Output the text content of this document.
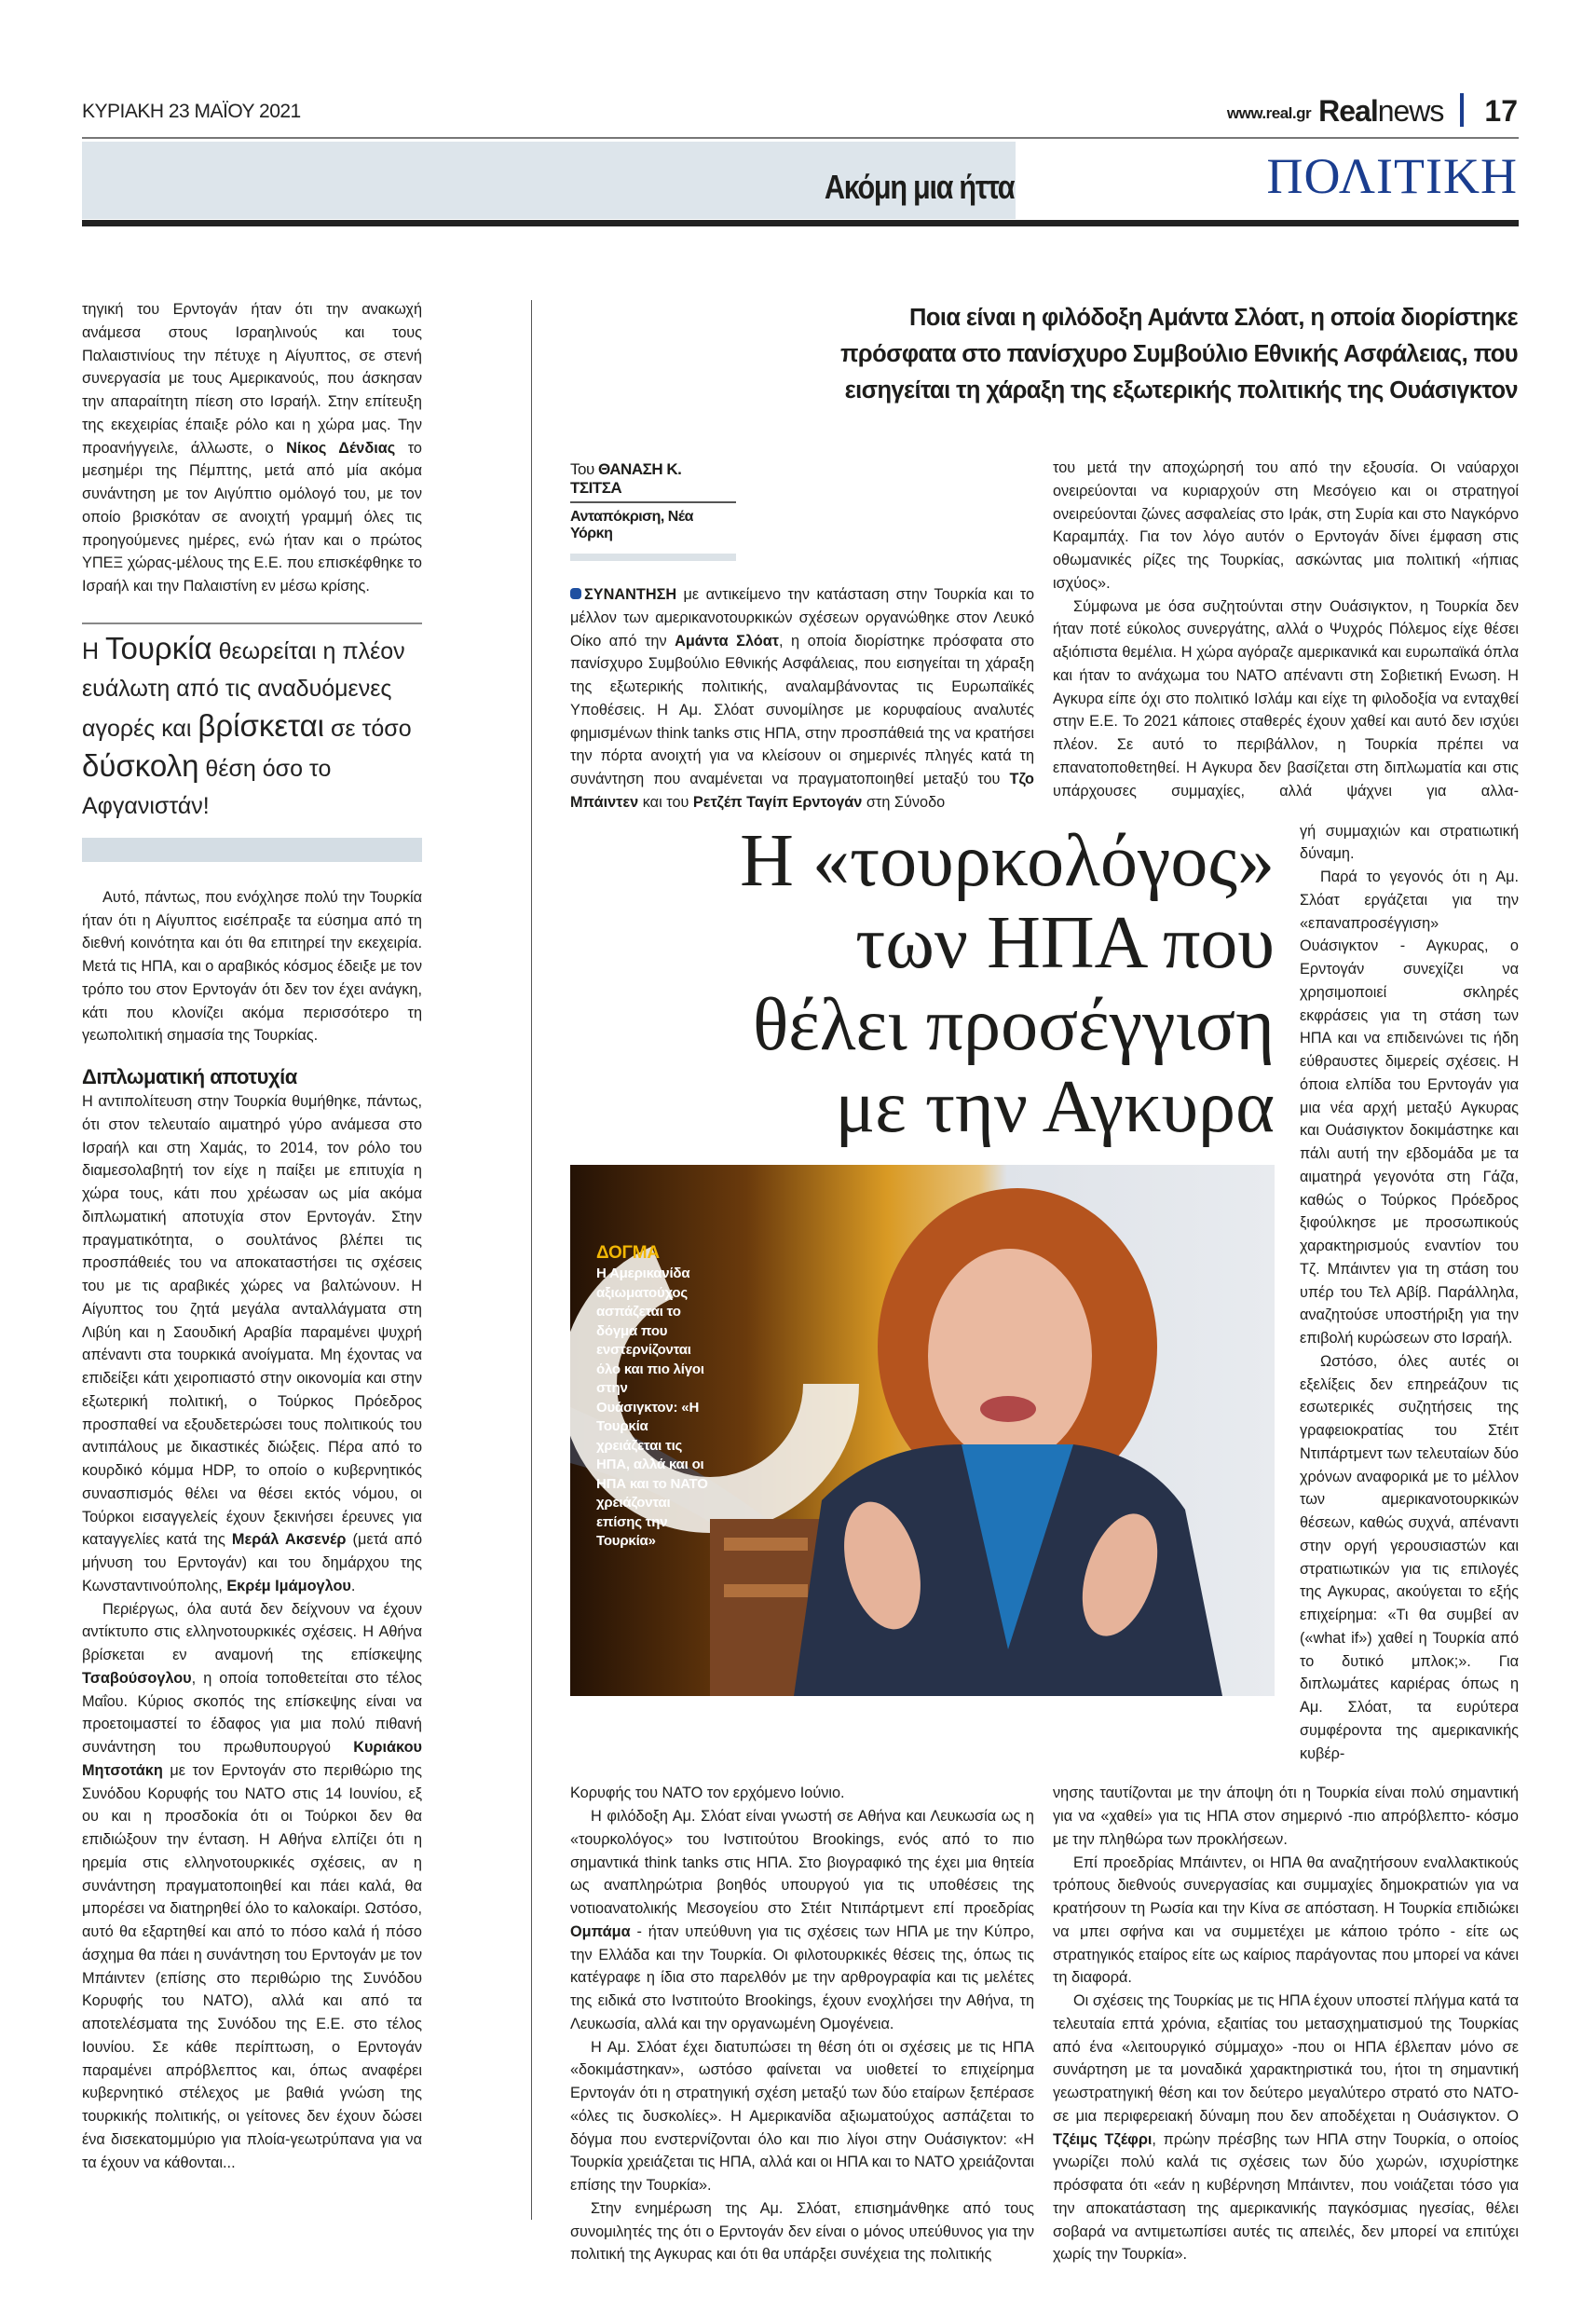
ΚΥΡΙΑΚΗ 23 ΜΑΪΟΥ 2021	www.real.gr Realnews 17
Ακόμη μια ήττα	ΠΟΛΙΤΙΚΗ

τηγική του Ερντογάν ήταν ότι την ανακωχή ανάμεσα στους Ισραηλινούς και τους Παλαιστινίους την πέτυχε η Αίγυπτος, σε στενή συνεργασία με τους Αμερικανούς, που άσκησαν την απαραίτητη πίεση στο Ισραήλ. Στην επίτευξη της εκεχειρίας έπαιξε ρόλο και η χώρα μας. Την προανήγγειλε, άλλωστε, ο Νίκος Δένδιας το μεσημέρι της Πέμπτης, μετά από μία ακόμα συνάντηση με τον Αιγύπτιο ομόλογό του, με τον οποίο βρισκόταν σε ανοιχτή γραμμή όλες τις προηγούμενες ημέρες, ενώ ήταν και ο πρώτος ΥΠΕΞ χώρας-μέλους της Ε.Ε. που επισκέφθηκε το Ισραήλ και την Παλαιστίνη εν μέσω κρίσης.

Η Τουρκία θεωρείται η πλέον ευάλωτη από τις αναδυόμενες αγορές και βρίσκεται σε τόσο δύσκολη θέση όσο το Αφγανιστάν!

Αυτό, πάντως, που ενόχλησε πολύ την Τουρκία ήταν ότι η Αίγυπτος εισέπραξε τα εύσημα από τη διεθνή κοινότητα και ότι θα επιτηρεί την εκεχειρία. Μετά τις ΗΠΑ, και ο αραβικός κόσμος έδειξε με τον τρόπο του στον Ερντογάν ότι δεν τον έχει ανάγκη, κάτι που κλονίζει ακόμα περισσότερο τη γεωπολιτική σημασία της Τουρκίας.

Διπλωματική αποτυχία

Η αντιπολίτευση στην Τουρκία θυμήθηκε, πάντως, ότι στον τελευταίο αιματηρό γύρο ανάμεσα στο Ισραήλ και στη Χαμάς, το 2014, τον ρόλο του διαμεσολαβητή τον είχε η παίξει με επιτυχία η χώρα τους, κάτι που χρέωσαν ως μία ακόμα διπλωματική αποτυχία στον Ερντογάν. Στην πραγματικότητα, ο σουλτάνος βλέπει τις προσπάθειές του να αποκαταστήσει τις σχέσεις του με τις αραβικές χώρες να βαλτώνουν. Η Αίγυπτος του ζητά μεγάλα ανταλλάγματα στη Λιβύη και η Σαουδική Αραβία παραμένει ψυχρή απέναντι στα τουρκικά ανοίγματα. Μη έχοντας να επιδείξει κάτι χειροπιαστό στην οικονομία και στην εξωτερική πολιτική, ο Τούρκος Πρόεδρος προσπαθεί να εξουδετερώσει τους πολιτικούς του αντιπάλους με δικαστικές διώξεις. Πέρα από το κουρδικό κόμμα HDP, το οποίο ο κυβερνητικός συνασπισμός θέλει να θέσει εκτός νόμου, οι Τούρκοι εισαγγελείς έχουν ξεκινήσει έρευνες για καταγγελίες κατά της Μεράλ Ακσενέρ (μετά από μήνυση του Ερντογάν) και του δημάρχου της Κωνσταντινούπολης, Εκρέμ Ιμάμογλου.

Περιέργως, όλα αυτά δεν δείχνουν να έχουν αντίκτυπο στις ελληνοτουρκικές σχέσεις. Η Αθήνα βρίσκεται εν αναμονή της επίσκεψης Τσαβούσογλου, η οποία τοποθετείται στο τέλος Μαΐου. Κύριος σκοπός της επίσκεψης είναι να προετοιμαστεί το έδαφος για μια πολύ πιθανή συνάντηση του πρωθυπουργού Κυριάκου Μητσοτάκη με τον Ερντογάν στο περιθώριο της Συνόδου Κορυφής του ΝΑΤΟ στις 14 Ιουνίου, εξ ου και η προσδοκία ότι οι Τούρκοι δεν θα επιδιώξουν την ένταση. Η Αθήνα ελπίζει ότι η ηρεμία στις ελληνοτουρκικές σχέσεις, αν η συνάντηση πραγματοποιηθεί και πάει καλά, θα μπορέσει να διατηρηθεί όλο το καλοκαίρι. Ωστόσο, αυτό θα εξαρτηθεί και από το πόσο καλά ή πόσο άσχημα θα πάει η συνάντηση του Ερντογάν με τον Μπάιντεν (επίσης στο περιθώριο της Συνόδου Κορυφής του ΝΑΤΟ), αλλά και από τα αποτελέσματα της Συνόδου της Ε.Ε. στο τέλος Ιουνίου. Σε κάθε περίπτωση, ο Ερντογάν παραμένει απρόβλεπτος και, όπως αναφέρει κυβερνητικό στέλεχος με βαθιά γνώση της τουρκικής πολιτικής, οι γείτονες δεν έχουν δώσει ένα δισεκατομμύριο για πλοία-γεωτρύπανα για να τα έχουν να κάθονται...

Ποια είναι η φιλόδοξη Αμάντα Σλόατ, η οποία διορίστηκε
πρόσφατα στο πανίσχυρο Συμβούλιο Εθνικής Ασφάλειας, που
εισηγείται τη χάραξη της εξωτερικής πολιτικής της Ουάσιγκτον
Του ΘΑΝΑΣΗ Κ. ΤΣΙΤΣΑ
Ανταπόκριση, Νέα Υόρκη

ΣΥΝΑΝΤΗΣΗ με αντικείμενο την κατάσταση στην Τουρκία και το μέλλον των αμερικανοτουρκικών σχέσεων οργανώθηκε στον Λευκό Οίκο από την Αμάντα Σλόατ, η οποία διορίστηκε πρόσφατα στο πανίσχυρο Συμβούλιο Εθνικής Ασφάλειας, που εισηγείται τη χάραξη της εξωτερικής πολιτικής, αναλαμβάνοντας τις Ευρωπαϊκές Υποθέσεις. Η Αμ. Σλόατ συνομίλησε με κορυφαίους αναλυτές φημισμένων think tanks στις ΗΠΑ, στην προσπάθειά της να κρατήσει την πόρτα ανοιχτή για να κλείσουν οι σημερινές πληγές κατά τη συνάντηση που αναμένεται να πραγματοποιηθεί μεταξύ του Τζο Μπάιντεν και του Ρετζέπ Ταγίπ Ερντογάν στη Σύνοδο

του μετά την αποχώρησή του από την εξουσία. Οι ναύαρχοι ονειρεύονται να κυριαρχούν στη Μεσόγειο και οι στρατηγοί ονειρεύονται ζώνες ασφαλείας στο Ιράκ, στη Συρία και στο Ναγκόρνο Καραμπάχ. Για τον λόγο αυτόν ο Ερντογάν δίνει έμφαση στις οθωμανικές ρίζες της Τουρκίας, ασκώντας μια πολιτική «ήπιας ισχύος».

Σύμφωνα με όσα συζητούνται στην Ουάσιγκτον, η Τουρκία δεν ήταν ποτέ εύκολος συνεργάτης, αλλά ο Ψυχρός Πόλεμος είχε θέσει αξιόπιστα θεμέλια. Η χώρα αγόραζε αμερικανικά και ευρωπαϊκά όπλα και ήταν το ανάχωμα του ΝΑΤΟ απέναντι στη Σοβιετική Ενωση. Η Αγκυρα είπε όχι στο πολιτικό Ισλάμ και είχε τη φιλοδοξία να ενταχθεί στην Ε.Ε. Το 2021 κάποιες σταθερές έχουν χαθεί και αυτό δεν ισχύει πλέον. Σε αυτό το περιβάλλον, η Τουρκία πρέπει να επανατοποθετηθεί. Η Αγκυρα δεν βασίζεται στη διπλωματία και στις υπάρχουσες συμμαχίες, αλλά ψάχνει για αλλα-

Η «τουρκολόγος»
των ΗΠΑ που
θέλει προσέγγιση
με την Αγκυρα
ΔΟΓΜΑ
Η Αμερικανίδα αξιωματούχος ασπάζεται το δόγμα που ενστερνίζονται όλο και πιο λίγοι στην Ουάσιγκτον: «Η Τουρκία χρειάζεται τις ΗΠΑ, αλλά και οι ΗΠΑ και το ΝΑΤΟ χρειάζονται επίσης την Τουρκία»

γή συμμαχιών και στρατιωτική δύναμη.

Παρά το γεγονός ότι η Αμ. Σλόατ εργάζεται για την «επαναπροσέγγιση» Ουάσιγκτον - Αγκυρας, ο Ερντογάν συνεχίζει να χρησιμοποιεί σκληρές εκφράσεις για τη στάση των ΗΠΑ και να επιδεινώνει τις ήδη εύθραυστες διμερείς σχέσεις. Η όποια ελπίδα του Ερντογάν για μια νέα αρχή μεταξύ Αγκυρας και Ουάσιγκτον δοκιμάστηκε και πάλι αυτή την εβδομάδα με τα αιματηρά γεγονότα στη Γάζα, καθώς ο Τούρκος Πρόεδρος ξιφούλκησε με προσωπικούς χαρακτηρισμούς εναντίον του Τζ. Μπάιντεν για τη στάση του υπέρ του Τελ Αβίβ. Παράλληλα, αναζητούσε υποστήριξη για την επιβολή κυρώσεων στο Ισραήλ.

Ωστόσο, όλες αυτές οι εξελίξεις δεν επηρεάζουν τις εσωτερικές συζητήσεις της γραφειοκρατίας του Στέιτ Ντιπάρτμεντ των τελευταίων δύο χρόνων αναφορικά με το μέλλον των αμερικανοτουρκικών θέσεων, καθώς συχνά, απέναντι στην οργή γερουσιαστών και στρατιωτικών για τις επιλογές της Αγκυρας, ακούγεται το εξής επιχείρημα: «Τι θα συμβεί αν («what if») χαθεί η Τουρκία από το δυτικό μπλοκ;». Για διπλωμάτες καριέρας όπως η Αμ. Σλόατ, τα ευρύτερα συμφέροντα της αμερικανικής κυβέρ-

Κορυφής του ΝΑΤΟ τον ερχόμενο Ιούνιο.

Η φιλόδοξη Αμ. Σλόατ είναι γνωστή σε Αθήνα και Λευκωσία ως η «τουρκολόγος» του Ινστιτούτου Brookings, ενός από το πιο σημαντικά think tanks στις ΗΠΑ. Στο βιογραφικό της έχει μια θητεία ως αναπληρώτρια βοηθός υπουργού για τις υποθέσεις της νοτιοανατολικής Μεσογείου στο Στέιτ Ντιπάρτμεντ επί προεδρίας Ομπάμα - ήταν υπεύθυνη για τις σχέσεις των ΗΠΑ με την Κύπρο, την Ελλάδα και την Τουρκία. Οι φιλοτουρκικές θέσεις της, όπως τις κατέγραφε η ίδια στο παρελθόν με την αρθρογραφία και τις μελέτες της ειδικά στο Ινστιτούτο Brookings, έχουν ενοχλήσει την Αθήνα, τη Λευκωσία, αλλά και την οργανωμένη Ομογένεια.

Η Αμ. Σλόατ έχει διατυπώσει τη θέση ότι οι σχέσεις με τις ΗΠΑ «δοκιμάστηκαν», ωστόσο φαίνεται να υιοθετεί το επιχείρημα Ερντογάν ότι η στρατηγική σχέση μεταξύ των δύο εταίρων ξεπέρασε «όλες τις δυσκολίες». Η Αμερικανίδα αξιωματούχος ασπάζεται το δόγμα που ενστερνίζονται όλο και πιο λίγοι στην Ουάσιγκτον: «Η Τουρκία χρειάζεται τις ΗΠΑ, αλλά και οι ΗΠΑ και το ΝΑΤΟ χρειάζονται επίσης την Τουρκία».

Στην ενημέρωση της Αμ. Σλόατ, επισημάνθηκε από τους συνομιλητές της ότι ο Ερντογάν δεν είναι ο μόνος υπεύθυνος για την πολιτική της Αγκυρας και ότι θα υπάρξει συνέχεια της πολιτικής

νησης ταυτίζονται με την άποψη ότι η Τουρκία είναι πολύ σημαντική για να «χαθεί» για τις ΗΠΑ στον σημερινό -πιο απρόβλεπτο- κόσμο με την πληθώρα των προκλήσεων.

Επί προεδρίας Μπάιντεν, οι ΗΠΑ θα αναζητήσουν εναλλακτικούς τρόπους διεθνούς συνεργασίας και συμμαχίες δημοκρατιών για να κρατήσουν τη Ρωσία και την Κίνα σε απόσταση. Η Τουρκία επιδιώκει να μπει σφήνα και να συμμετέχει με κάποιο τρόπο - είτε ως στρατηγικός εταίρος είτε ως καίριος παράγοντας που μπορεί να κάνει τη διαφορά.

Οι σχέσεις της Τουρκίας με τις ΗΠΑ έχουν υποστεί πλήγμα κατά τα τελευταία επτά χρόνια, εξαιτίας του μετασχηματισμού της Τουρκίας από ένα «λειτουργικό σύμμαχο» -που οι ΗΠΑ έβλεπαν μόνο σε συνάρτηση με τα μοναδικά χαρακτηριστικά του, ήτοι τη σημαντική γεωστρατηγική θέση και τον δεύτερο μεγαλύτερο στρατό στο ΝΑΤΟ- σε μια περιφερειακή δύναμη που δεν αποδέχεται η Ουάσιγκτον. Ο Τζέιμς Τζέφρι, πρώην πρέσβης των ΗΠΑ στην Τουρκία, ο οποίος γνωρίζει πολύ καλά τις σχέσεις των δύο χωρών, ισχυρίστηκε πρόσφατα ότι «εάν η κυβέρνηση Μπάιντεν, που νοιάζεται τόσο για την αποκατάσταση της αμερικανικής παγκόσμιας ηγεσίας, θέλει σοβαρά να αντιμετωπίσει αυτές τις απειλές, δεν μπορεί να επιτύχει χωρίς την Τουρκία».
